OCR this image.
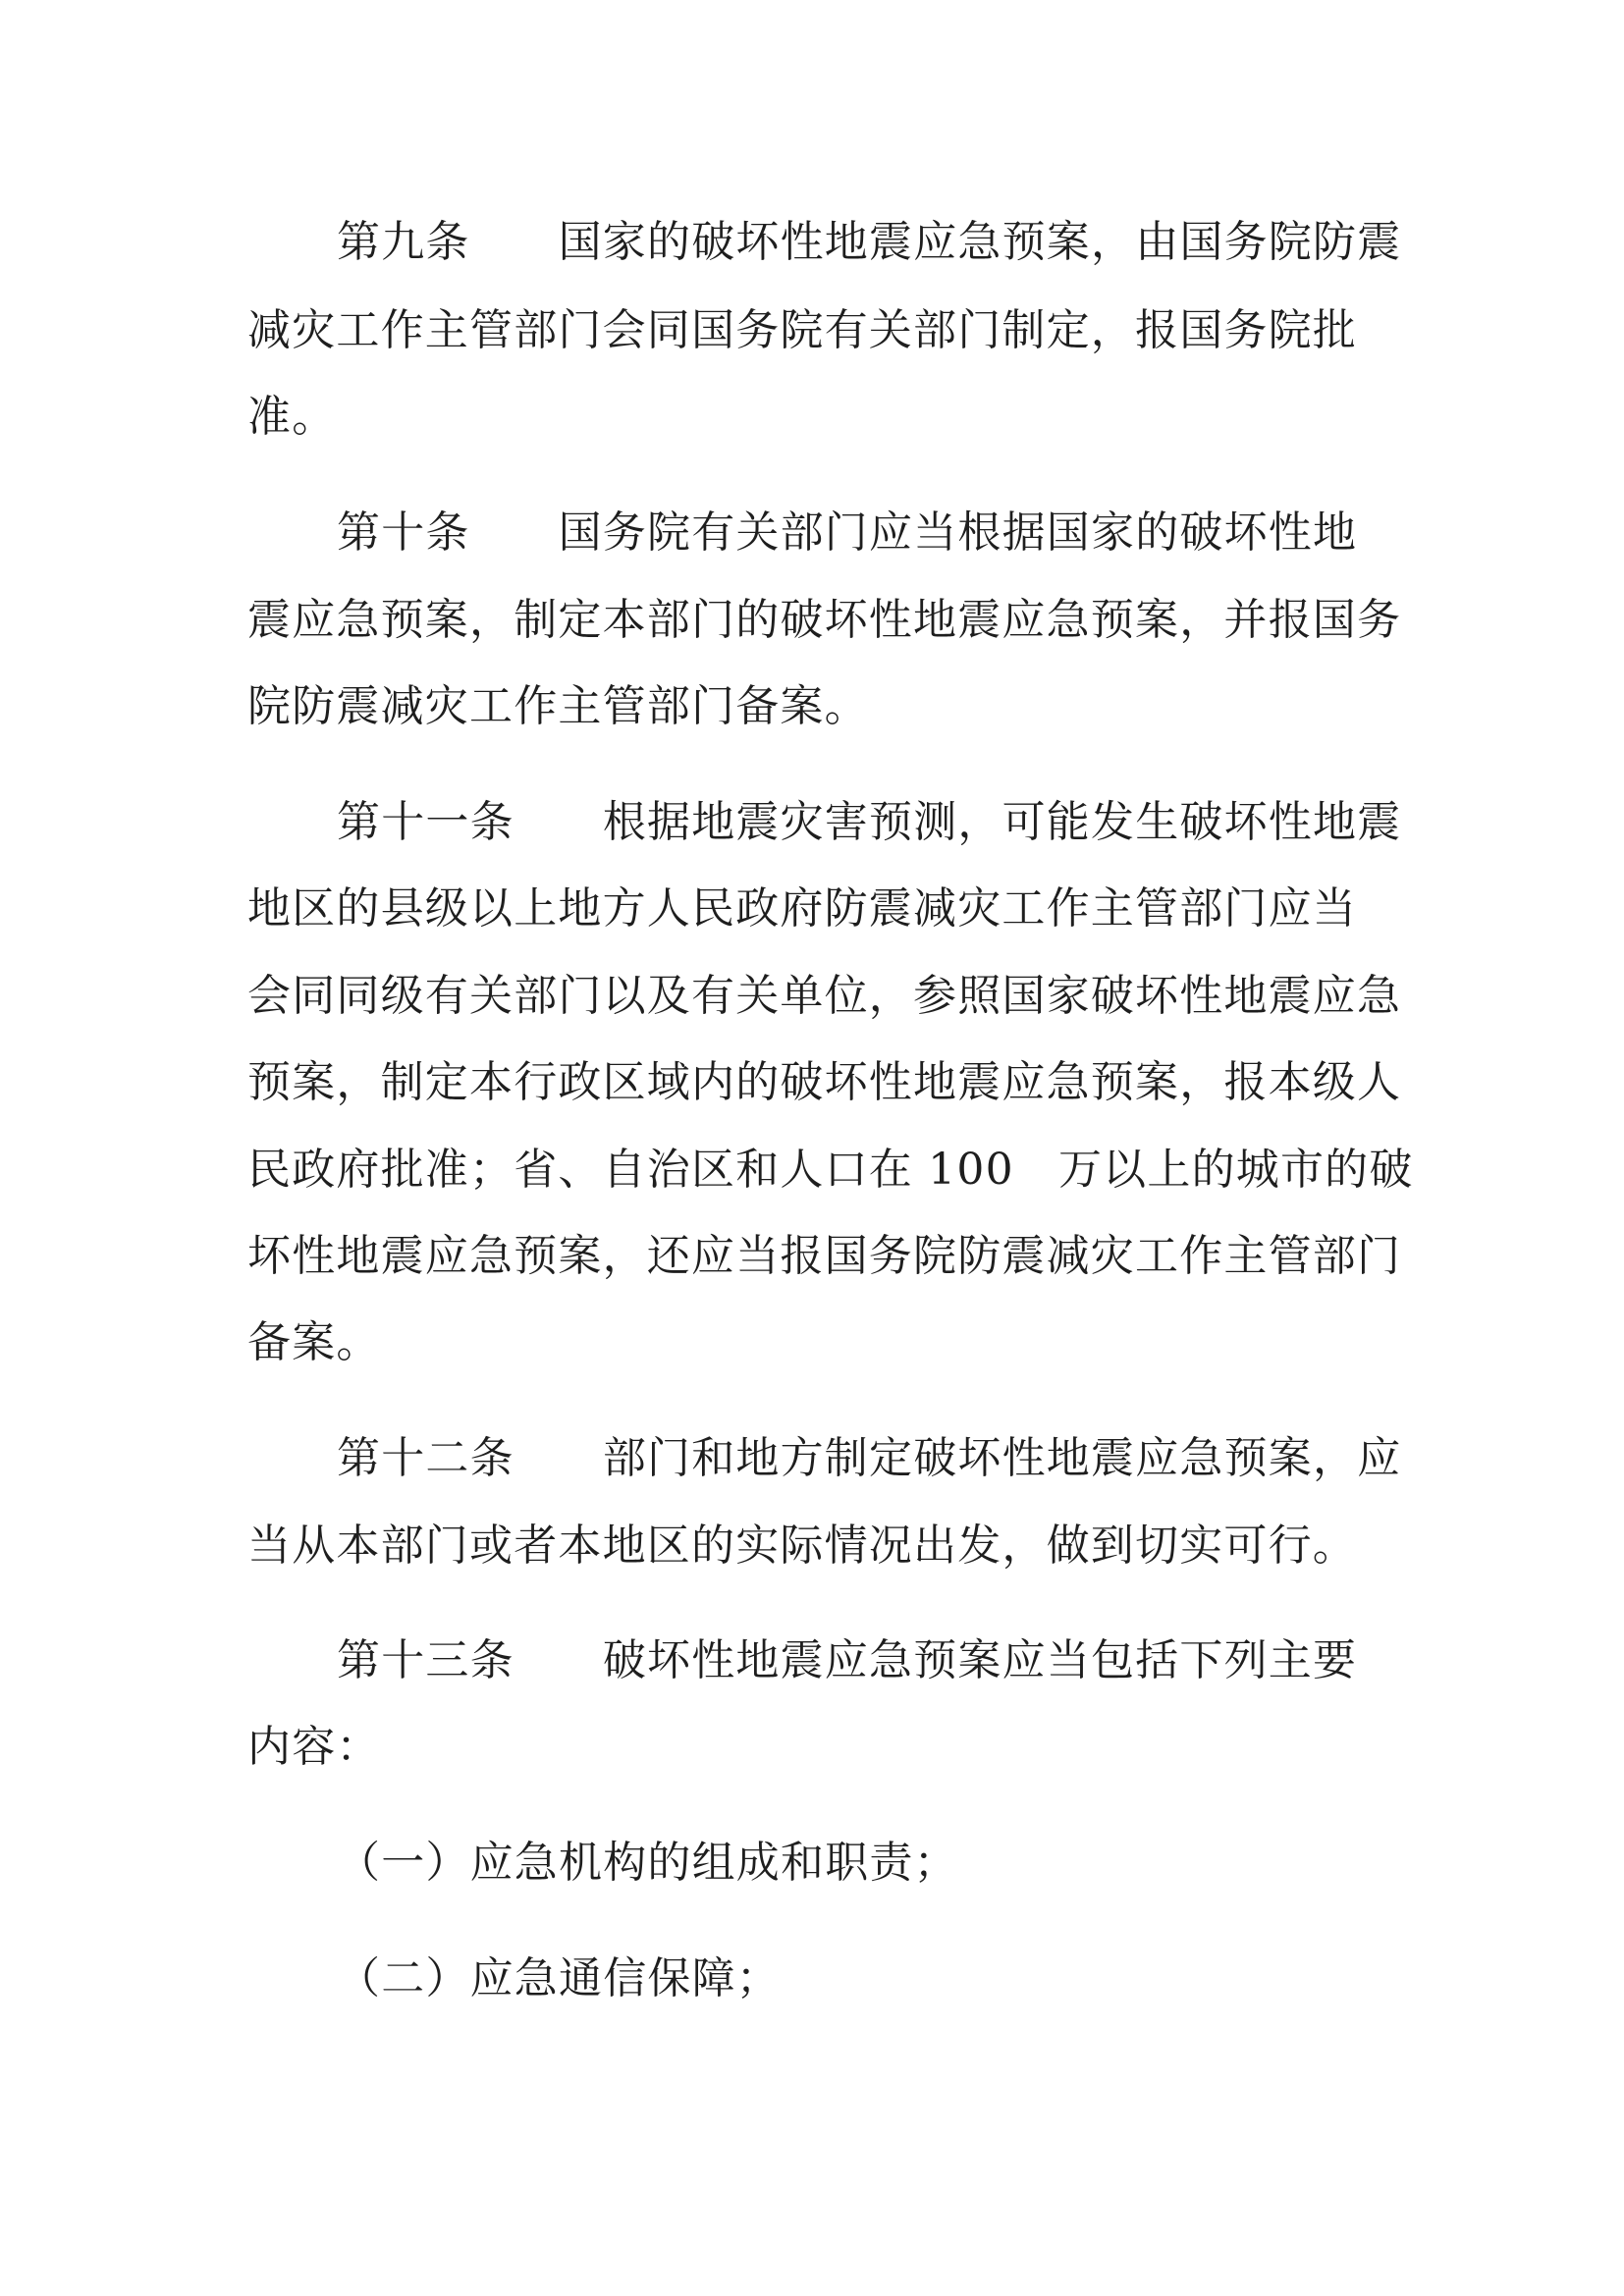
第九条 国家的破坏性地震应急预案，由国务院防震
减灾工作主管部门会同国务院有关部门制定，报国务院批
准。
第十条 国务院有关部门应当根据国家的破坏性地
震应急预案，制定本部门的破坏性地震应急预案，并报国务
院防震减灾工作主管部门备案。
第十一条 根据地震灾害预测，可能发生破坏性地震
地区的县级以上地方人民政府防震减灾工作主管部门应当
会同同级有关部门以及有关单位，参照国家破坏性地震应急
预案，制定本行政区域内的破坏性地震应急预案，报本级人
民政府批准；省、自治区和人口在 100　万以上的城市的破
坏性地震应急预案，还应当报国务院防震减灾工作主管部门
备案。
第十二条 部门和地方制定破坏性地震应急预案，应
当从本部门或者本地区的实际情况出发，做到切实可行。
第十三条 破坏性地震应急预案应当包括下列主要
内容：
（一）应急机构的组成和职责；
（二）应急通信保障；
